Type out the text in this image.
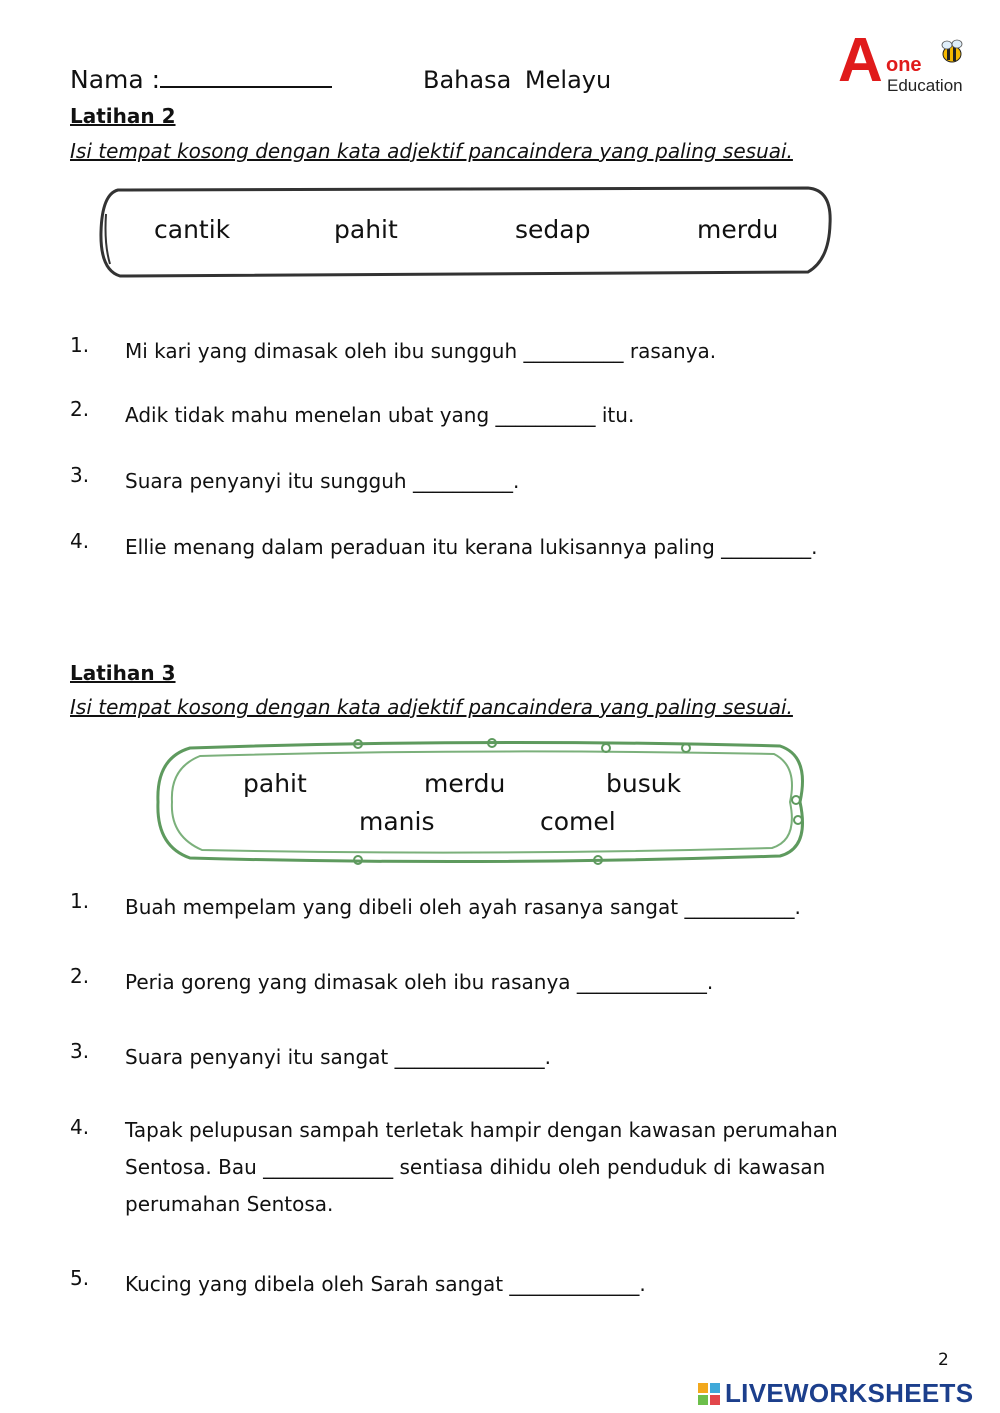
Nama :	Bahasa Melayu	A one
Education
Latihan 2
Isi tempat kosong dengan kata adjektif pancaindera yang paling sesuai.
cantik	pahit	sedap	merdu
1. Mi kari yang dimasak oleh ibu sungguh __________ rasanya.
2. Adik tidak mahu menelan ubat yang __________ itu.
3. Suara penyanyi itu sungguh __________.
4. Ellie menang dalam peraduan itu kerana lukisannya paling _________.
Latihan 3
Isi tempat kosong dengan kata adjektif pancaindera yang paling sesuai.
pahit	merdu	busuk
manis	comel
1. Buah mempelam yang dibeli oleh ayah rasanya sangat ___________.
2. Peria goreng yang dimasak oleh ibu rasanya _____________.
3. Suara penyanyi itu sangat _______________.
4. Tapak pelupusan sampah terletak hampir dengan kawasan perumahan Sentosa. Bau _____________ sentiasa dihidu oleh penduduk di kawasan perumahan Sentosa.
5. Kucing yang dibela oleh Sarah sangat _____________.
2
LIVEWORKSHEETS
